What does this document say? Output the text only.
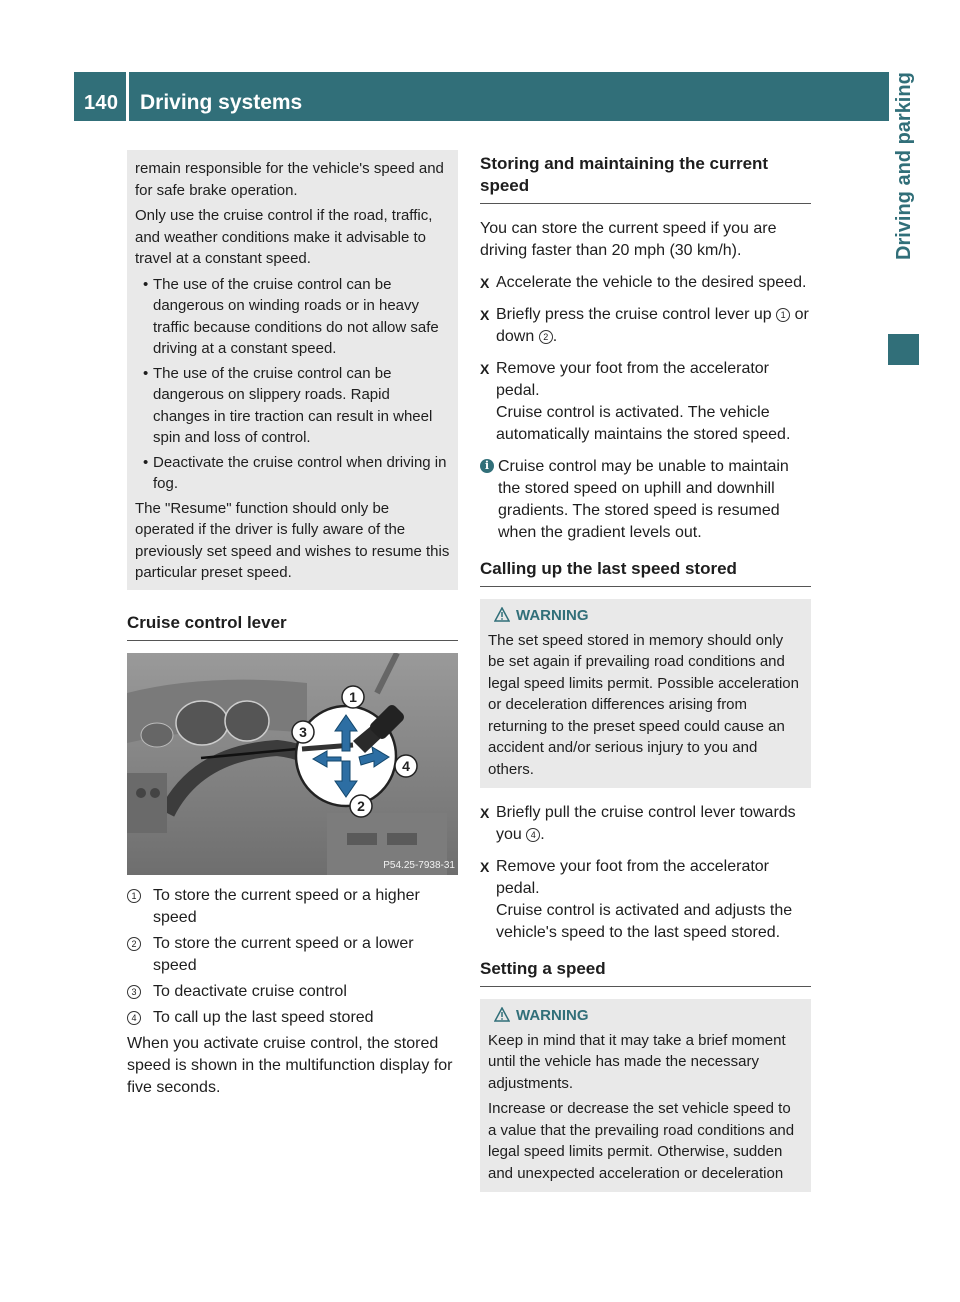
140 Driving systems	Driving and parking

remain responsible for the vehicle's speed and for safe brake operation.

Only use the cruise control if the road, traffic, and weather conditions make it advisable to travel at a constant speed.

• The use of the cruise control can be dangerous on winding roads or in heavy traffic because conditions do not allow safe driving at a constant speed.
• The use of the cruise control can be dangerous on slippery roads. Rapid changes in tire traction can result in wheel spin and loss of control.
• Deactivate the cruise control when driving in fog.

The "Resume" function should only be operated if the driver is fully aware of the previously set speed and wishes to resume this particular preset speed.

Cruise control lever
1
2
3
4
P54.25-7938-31
1 To store the current speed or a higher speed
2 To store the current speed or a lower speed
3 To deactivate cruise control
4 To call up the last speed stored

When you activate cruise control, the stored speed is shown in the multifunction display for five seconds.

Storing and maintaining the current speed

You can store the current speed if you are driving faster than 20 mph (30 km/h).

X Accelerate the vehicle to the desired speed.
X Briefly press the cruise control lever up 1 or down 2 .
X Remove your foot from the accelerator pedal.
Cruise control is activated. The vehicle automatically maintains the stored speed.
i Cruise control may be unable to maintain the stored speed on uphill and downhill gradients. The stored speed is resumed when the gradient levels out.
Calling up the last speed stored
WARNING

The set speed stored in memory should only be set again if prevailing road conditions and legal speed limits permit. Possible acceleration or deceleration differences arising from returning to the preset speed could cause an accident and/or serious injury to you and others.

X Briefly pull the cruise control lever towards you 4 .
X Remove your foot from the accelerator pedal.
Cruise control is activated and adjusts the vehicle's speed to the last speed stored.
Setting a speed
WARNING

Keep in mind that it may take a brief moment until the vehicle has made the necessary adjustments.

Increase or decrease the set vehicle speed to a value that the prevailing road conditions and legal speed limits permit. Otherwise, sudden and unexpected acceleration or deceleration
